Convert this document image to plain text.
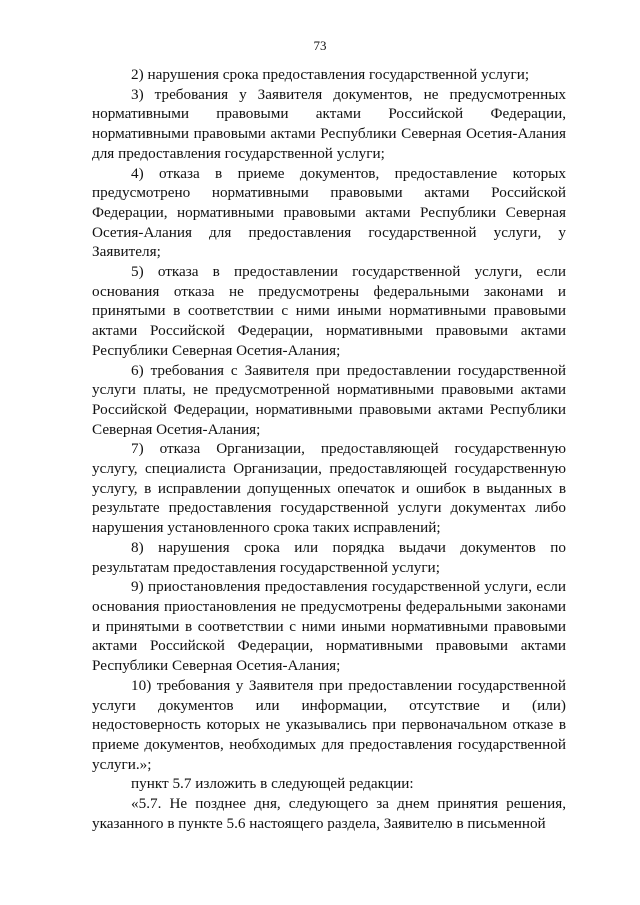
73

2) нарушения срока предоставления государственной услуги;

3) требования у Заявителя документов, не предусмотренных нормативными правовыми актами Российской Федерации, нормативными правовыми актами Республики Северная Осетия-Алания для предоставления государственной услуги;

4) отказа в приеме документов, предоставление которых предусмотрено нормативными правовыми актами Российской Федерации, нормативными правовыми актами Республики Северная Осетия-Алания для предоставления государственной услуги, у Заявителя;

5) отказа в предоставлении государственной услуги, если основания отказа не предусмотрены федеральными законами и принятыми в соответствии с ними иными нормативными правовыми актами Российской Федерации, нормативными правовыми актами Республики Северная Осетия-Алания;

6) требования с Заявителя при предоставлении государственной услуги платы, не предусмотренной нормативными правовыми актами Российской Федерации, нормативными правовыми актами Республики Северная Осетия-Алания;

7) отказа Организации, предоставляющей государственную услугу, специалиста Организации, предоставляющей государственную услугу, в исправлении допущенных опечаток и ошибок в выданных в результате предоставления государственной услуги документах либо нарушения установленного срока таких исправлений;

8) нарушения срока или порядка выдачи документов по результатам предоставления государственной услуги;

9) приостановления предоставления государственной услуги, если основания приостановления не предусмотрены федеральными законами и принятыми в соответствии с ними иными нормативными правовыми актами Российской Федерации, нормативными правовыми актами Республики Северная Осетия-Алания;

10) требования у Заявителя при предоставлении государственной услуги документов или информации, отсутствие и (или) недостоверность которых не указывались при первоначальном отказе в приеме документов, необходимых для предоставления государственной услуги.»;

пункт 5.7 изложить в следующей редакции:

«5.7. Не позднее дня, следующего за днем принятия решения, указанного в пункте 5.6 настоящего раздела, Заявителю в письменной
